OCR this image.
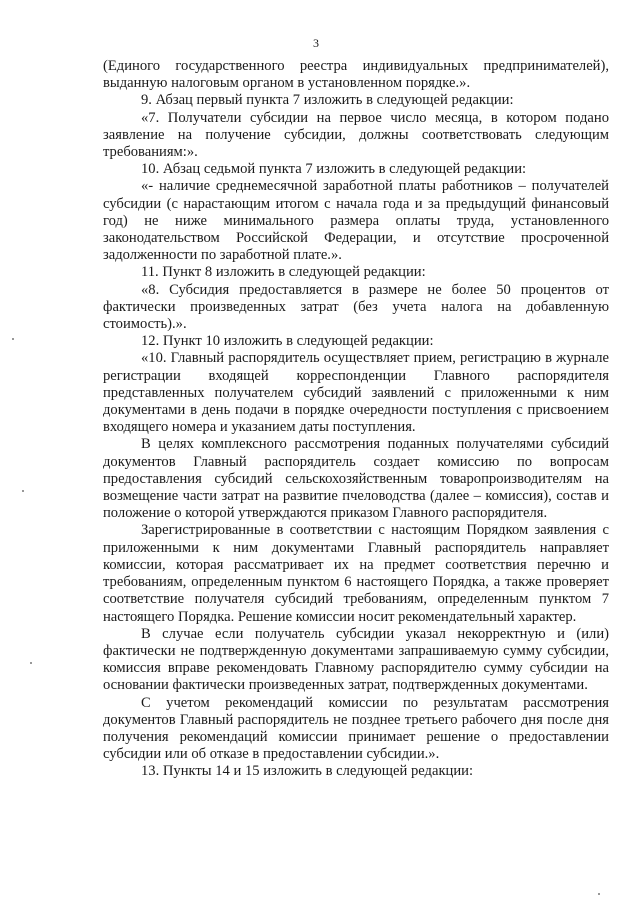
3

(Единого государственного реестра индивидуальных предпринимателей), выданную налоговым органом в установленном порядке.».

9. Абзац первый пункта 7 изложить в следующей редакции:

«7. Получатели субсидии на первое число месяца, в котором подано заявление на получение субсидии, должны соответствовать следующим требованиям:».

10. Абзац седьмой пункта 7 изложить в следующей редакции:

«- наличие среднемесячной заработной платы работников – получателей субсидии (с нарастающим итогом с начала года и за предыдущий финансовый год) не ниже минимального размера оплаты труда, установленного законодательством Российской Федерации, и отсутствие просроченной задолженности по заработной плате.».

11. Пункт 8 изложить в следующей редакции:

«8. Субсидия предоставляется в размере не более 50 процентов от фактически произведенных затрат (без учета налога на добавленную стоимость).».

12. Пункт 10 изложить в следующей редакции:

«10. Главный распорядитель осуществляет прием, регистрацию в журнале регистрации входящей корреспонденции Главного распорядителя представленных получателем субсидий заявлений с приложенными к ним документами в день подачи в порядке очередности поступления с присвоением входящего номера и указанием даты поступления.

В целях комплексного рассмотрения поданных получателями субсидий документов Главный распорядитель создает комиссию по вопросам предоставления субсидий сельскохозяйственным товаропроизводителям на возмещение части затрат на развитие пчеловодства (далее – комиссия), состав и положение о которой утверждаются приказом Главного распорядителя.

Зарегистрированные в соответствии с настоящим Порядком заявления с приложенными к ним документами Главный распорядитель направляет комиссии, которая рассматривает их на предмет соответствия перечню и требованиям, определенным пунктом 6 настоящего Порядка, а также проверяет соответствие получателя субсидий требованиям, определенным пунктом 7 настоящего Порядка. Решение комиссии носит рекомендательный характер.

В случае если получатель субсидии указал некорректную и (или) фактически не подтвержденную документами запрашиваемую сумму субсидии, комиссия вправе рекомендовать Главному распорядителю сумму субсидии на основании фактически произведенных затрат, подтвержденных документами.

С учетом рекомендаций комиссии по результатам рассмотрения документов Главный распорядитель не позднее третьего рабочего дня после дня получения рекомендаций комиссии принимает решение о предоставлении субсидии или об отказе в предоставлении субсидии.».

13. Пункты 14 и 15 изложить в следующей редакции:
